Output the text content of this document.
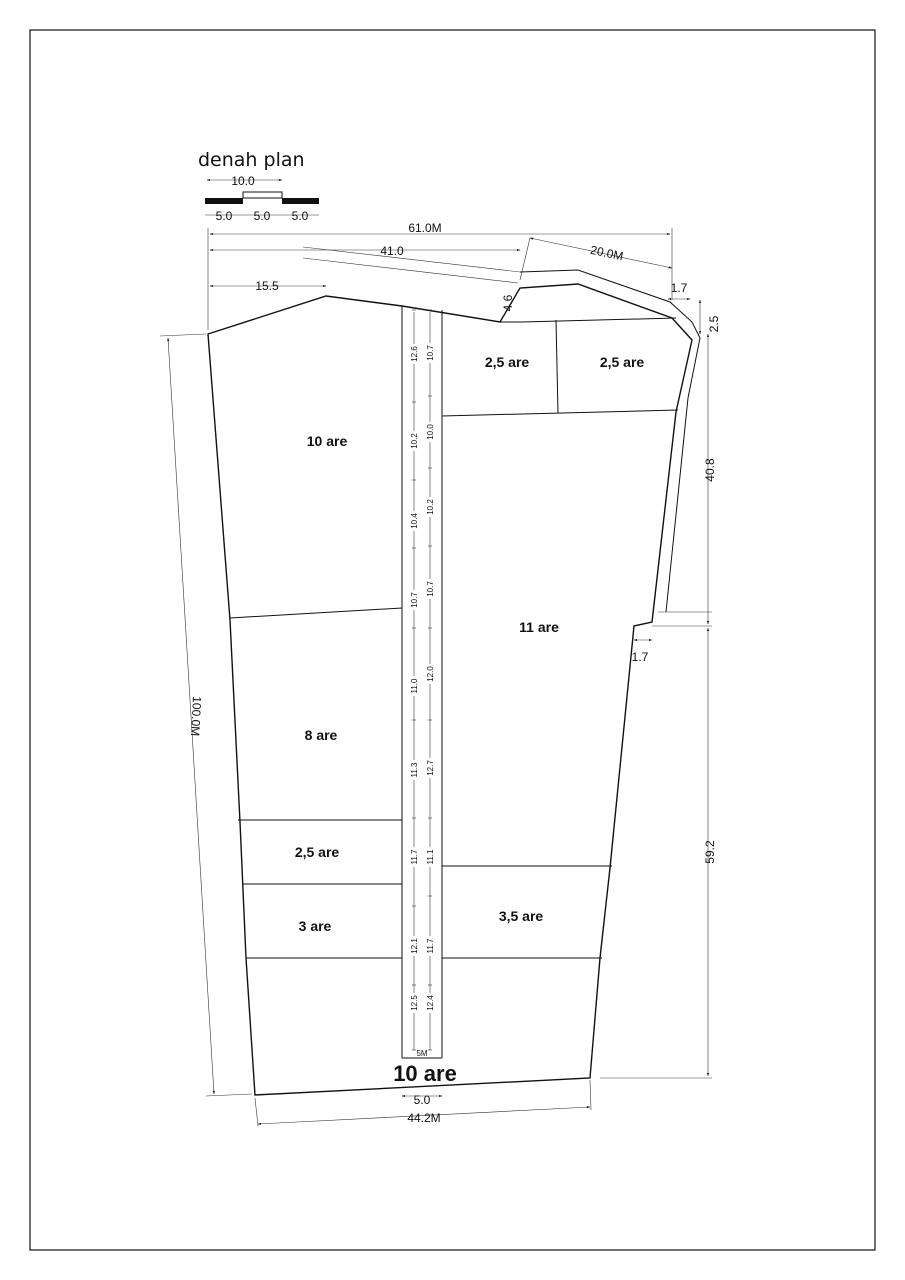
denah plan
10.0
5.0 5.0 5.0
61.0M
41.0	20.0M
15.5
4.6
1.7
2.5
40.8
1.7
59.2
100.0M
5.0
44.2M
12.6
10.2
10.4
10.7
11.0
11.3
11.7
12.1
12.5
10.7
10.0
10.2
10.7
12.0
12.7
11.1
11.7
12.4
5M
2,5 are	2,5 are
10 are
11 are
8 are
2,5 are
3 are
3,5 are
10 are
